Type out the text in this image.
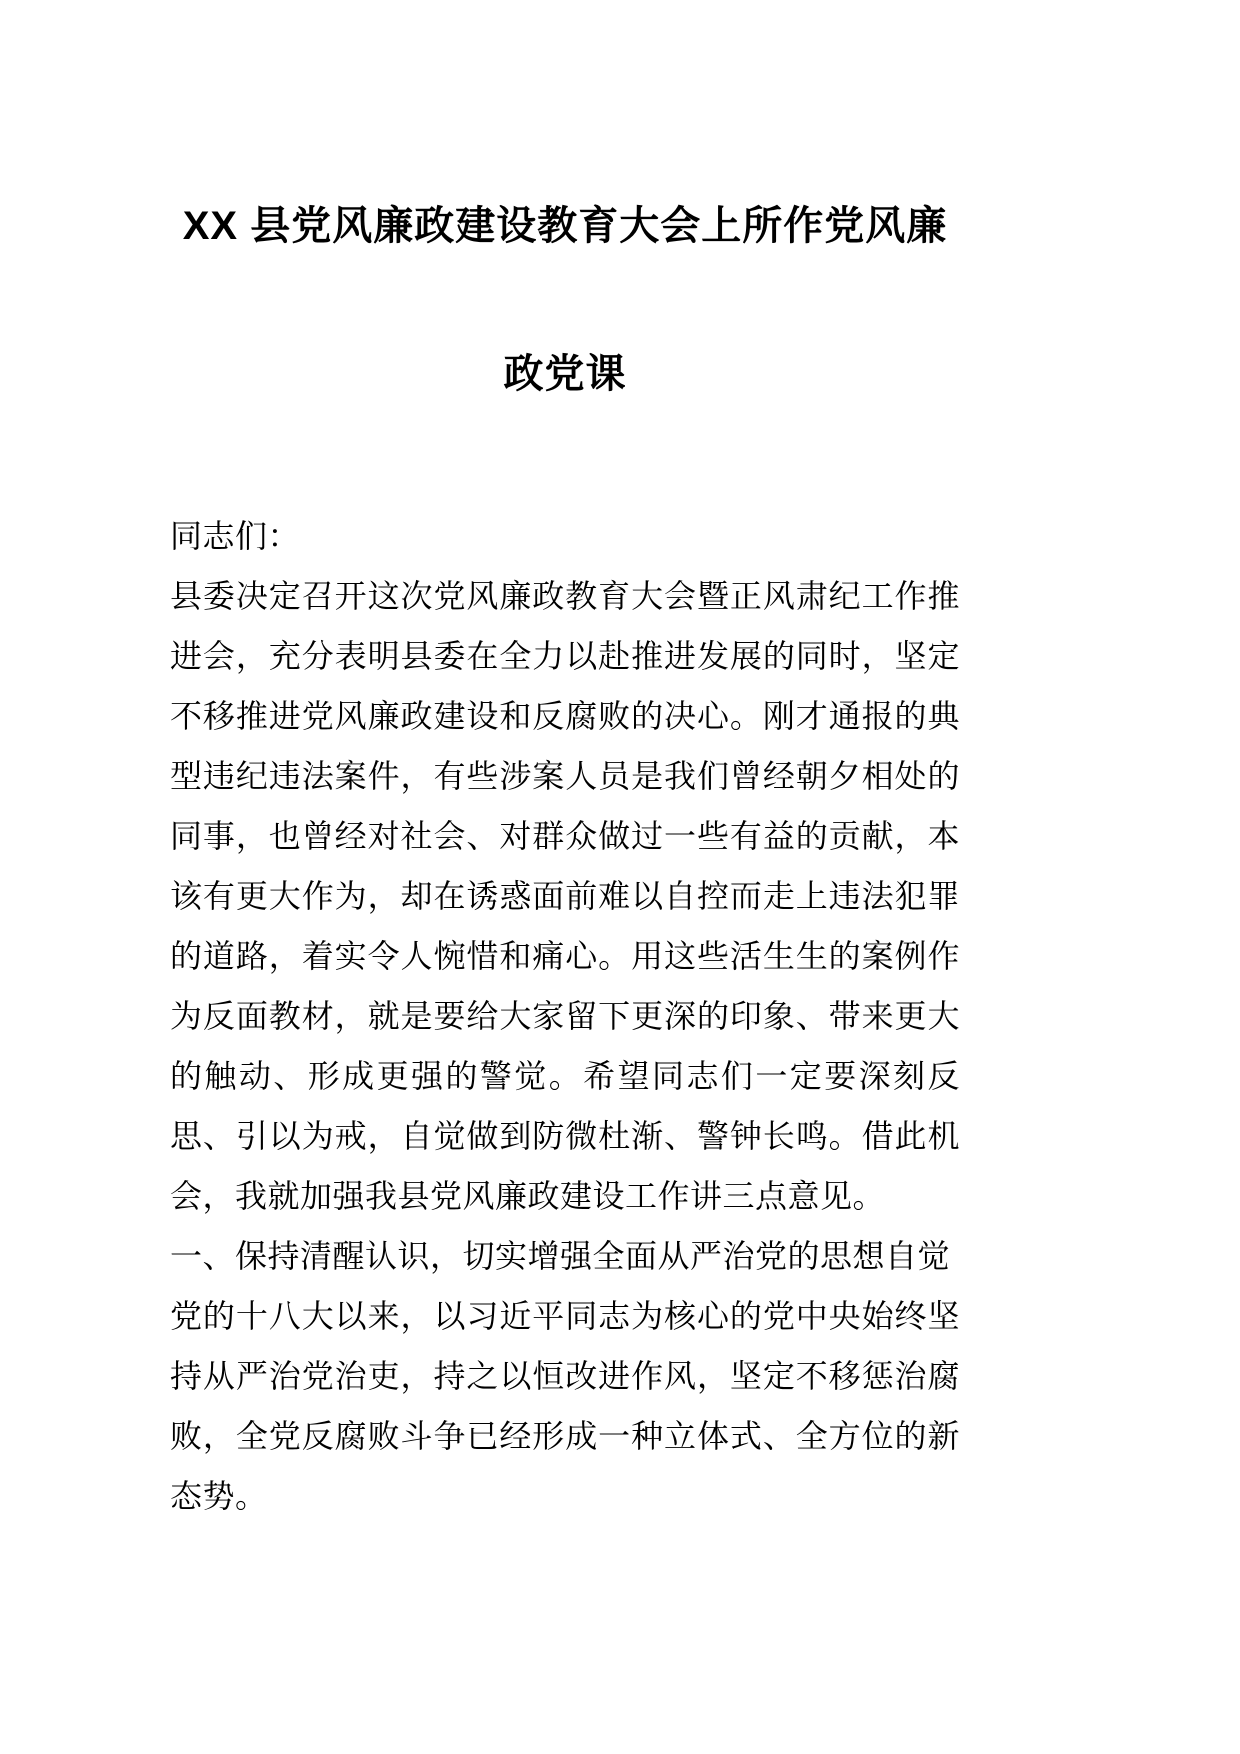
XX 县党风廉政建设教育大会上所作党风廉
政党课

同志们：

县委决定召开这次党风廉政教育大会暨正风肃纪工作推进会，充分表明县委在全力以赴推进发展的同时，坚定不移推进党风廉政建设和反腐败的决心。刚才通报的典型违纪违法案件，有些涉案人员是我们曾经朝夕相处的同事，也曾经对社会、对群众做过一些有益的贡献，本该有更大作为，却在诱惑面前难以自控而走上违法犯罪的道路，着实令人惋惜和痛心。用这些活生生的案例作为反面教材，就是要给大家留下更深的印象、带来更大的触动、形成更强的警觉。希望同志们一定要深刻反思、引以为戒，自觉做到防微杜渐、警钟长鸣。借此机会，我就加强我县党风廉政建设工作讲三点意见。

一、保持清醒认识，切实增强全面从严治党的思想自觉

党的十八大以来，以习近平同志为核心的党中央始终坚持从严治党治吏，持之以恒改进作风，坚定不移惩治腐败，全党反腐败斗争已经形成一种立体式、全方位的新态势。
